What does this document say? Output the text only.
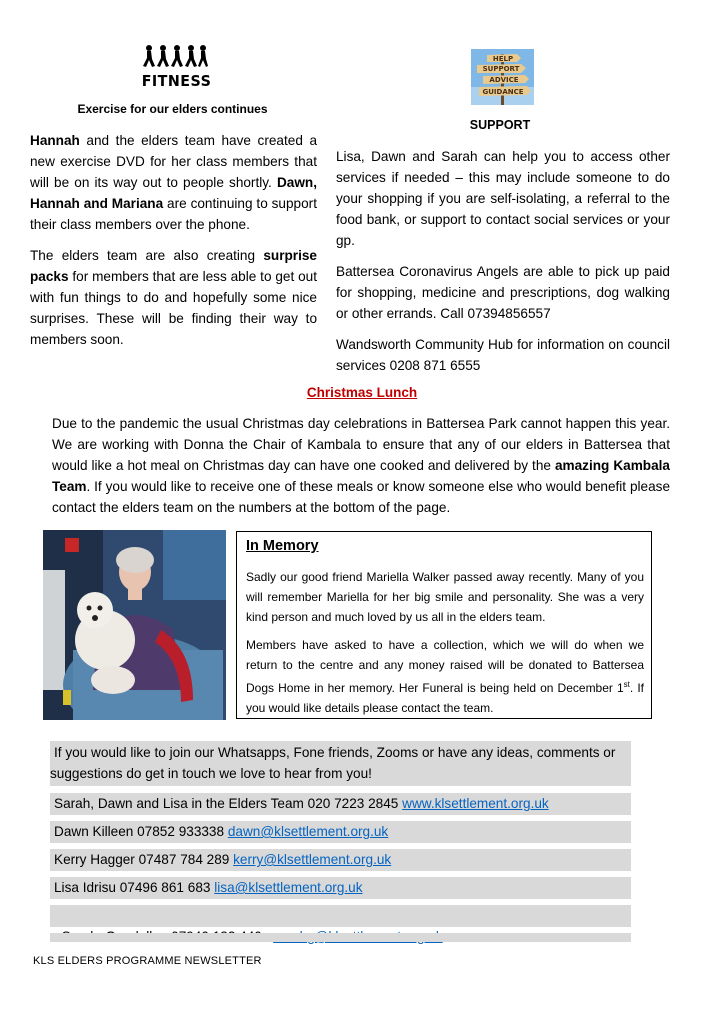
FITNESS
Exercise for our elders continues

Hannah and the elders team have created a new exercise DVD for her class members that will be on its way out to people shortly. Dawn, Hannah and Mariana are continuing to support their class members over the phone.

The elders team are also creating surprise packs for members that are less able to get out with fun things to do and hopefully some nice surprises. These will be finding their way to members soon.

HELP
SUPPORT
ADVICE
GUIDANCE
SUPPORT

Lisa, Dawn and Sarah can help you to access other services if needed – this may include someone to do your shopping if you are self-isolating, a referral to the food bank, or support to contact social services or your gp.

Battersea Coronavirus Angels are able to pick up paid for shopping, medicine and prescriptions, dog walking or other errands. Call 07394856557

Wandsworth Community Hub for information on council services 0208 871 6555

Christmas Lunch
Due to the pandemic the usual Christmas day celebrations in Battersea Park cannot happen this year. We are working with Donna the Chair of Kambala to ensure that any of our elders in Battersea that would like a hot meal on Christmas day can have one cooked and delivered by the amazing Kambala Team. If you would like to receive one of these meals or know someone else who would benefit please contact the elders team on the numbers at the bottom of the page.
In Memory

Sadly our good friend Mariella Walker passed away recently. Many of you will remember Mariella for her big smile and personality. She was a very kind person and much loved by us all in the elders team.

Members have asked to have a collection, which we will do when we return to the centre and any money raised will be donated to Battersea Dogs Home in her memory. Her Funeral is being held on December 1st. If you would like details please contact the team.

If you would like to join our Whatsapps, Fone friends, Zooms or have any ideas, comments or suggestions do get in touch we love to hear from you!
Sarah, Dawn and Lisa in the Elders Team 020 7223 2845 www.klsettlement.org.uk
Dawn Killeen 07852 933338 dawn@klsettlement.org.uk
Kerry Hagger 07487 784 289 kerry@klsettlement.org.uk
Lisa Idrisu 07496 861 683 lisa@klsettlement.org.uk

KLS ELDERS PROGRAMME NEWSLETTER
